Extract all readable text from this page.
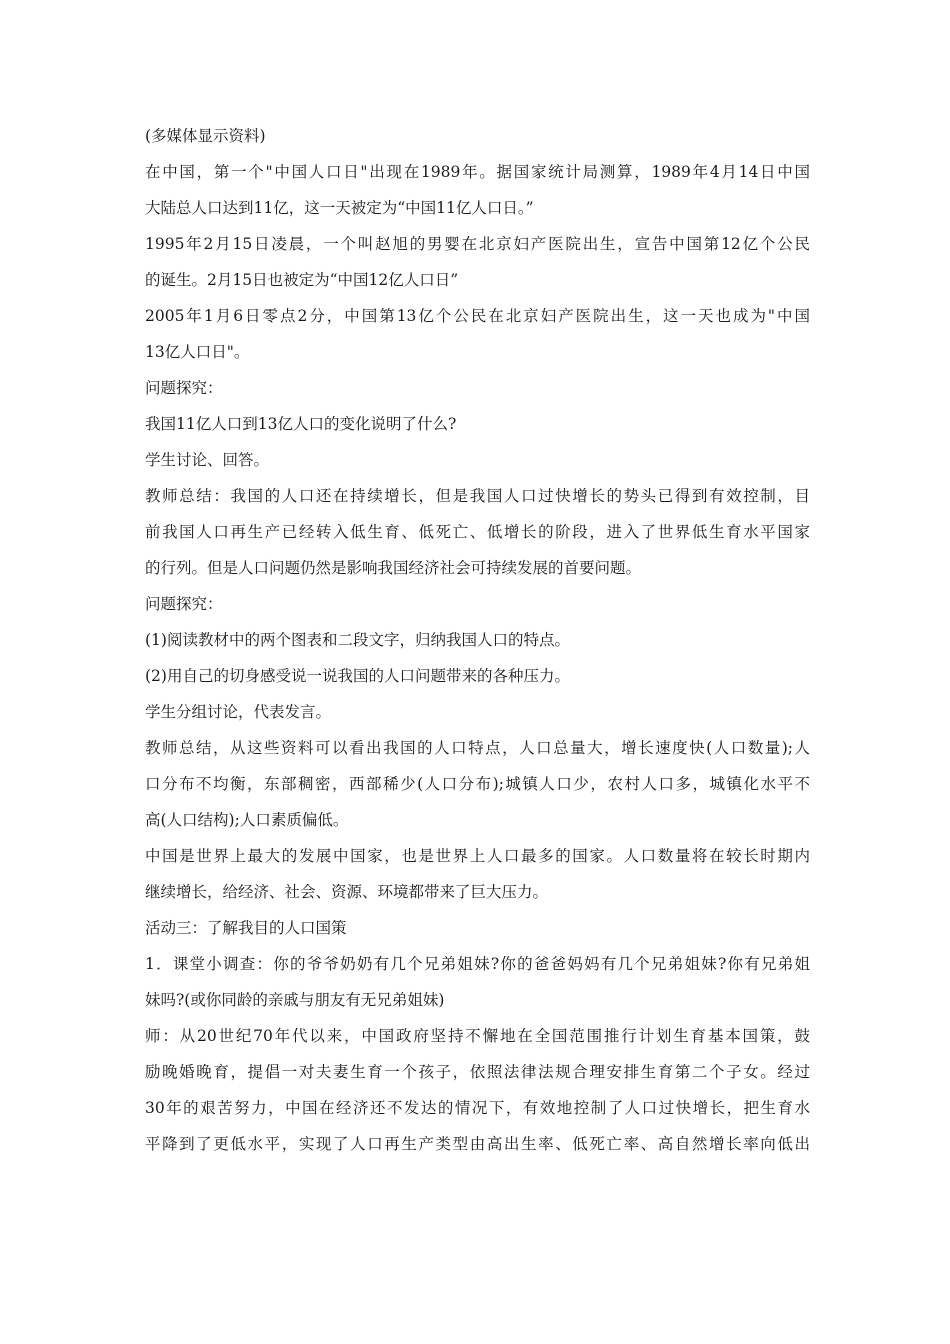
(多媒体显示资料)
在中国，第一个"中国人口日"出现在1989年。据国家统计局测算，1989年4月14日中国
大陆总人口达到11亿，这一天被定为“中国11亿人口日。”
1995年2月15日凌晨，一个叫赵旭的男婴在北京妇产医院出生，宣告中国第12亿个公民
的诞生。2月15日也被定为“中国12亿人口日”
2005年1月6日零点2分，中国第13亿个公民在北京妇产医院出生，这一天也成为"中国
13亿人口日"。
问题探究：
我国11亿人口到13亿人口的变化说明了什么?
学生讨论、回答。
教师总结：我国的人口还在持续增长，但是我国人口过快增长的势头已得到有效控制，目
前我国人口再生产已经转入低生育、低死亡、低增长的阶段，进入了世界低生育水平国家
的行列。但是人口问题仍然是影响我国经济社会可持续发展的首要问题。
问题探究：
(1)阅读教材中的两个图表和二段文字，归纳我国人口的特点。
(2)用自己的切身感受说一说我国的人口问题带来的各种压力。
学生分组讨论，代表发言。
教师总结，从这些资料可以看出我国的人口特点，人口总量大，增长速度快(人口数量);人
口分布不均衡，东部稠密，西部稀少(人口分布);城镇人口少，农村人口多，城镇化水平不
高(人口结构);人口素质偏低。
中国是世界上最大的发展中国家，也是世界上人口最多的国家。人口数量将在较长时期内
继续增长，给经济、社会、资源、环境都带来了巨大压力。
活动三：了解我目的人口国策
1．课堂小调查：你的爷爷奶奶有几个兄弟姐妹?你的爸爸妈妈有几个兄弟姐妹?你有兄弟姐
妹吗?(或你同龄的亲戚与朋友有无兄弟姐妹)
师：从20世纪70年代以来，中国政府坚持不懈地在全国范围推行计划生育基本国策，鼓
励晚婚晚育，提倡一对夫妻生育一个孩子，依照法律法规合理安排生育第二个子女。经过
30年的艰苦努力，中国在经济还不发达的情况下，有效地控制了人口过快增长，把生育水
平降到了更低水平，实现了人口再生产类型由高出生率、低死亡率、高自然增长率向低出
